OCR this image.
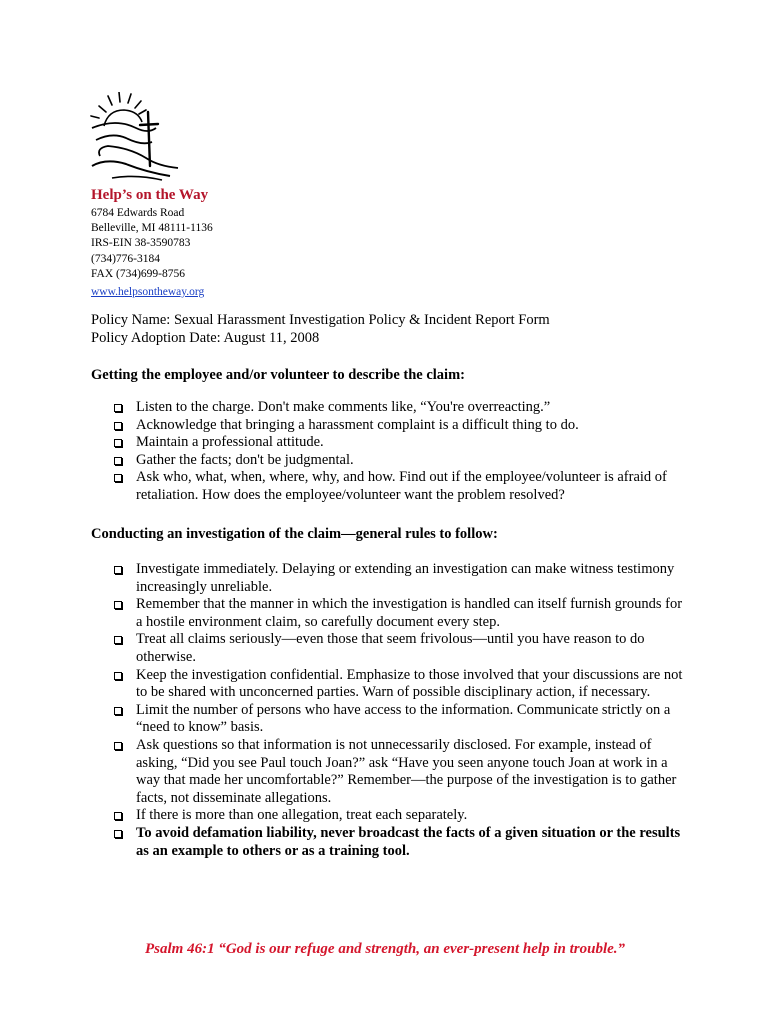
Help’s on the Way
6784 Edwards Road
Belleville, MI 48111-1136
IRS-EIN 38-3590783
(734)776-3184
FAX (734)699-8756
www.helpsontheway.org
Policy Name: Sexual Harassment Investigation Policy & Incident Report Form
Policy Adoption Date: August 11, 2008
Getting the employee and/or volunteer to describe the claim:
Listen to the charge. Don't make comments like, “You're overreacting.”
Acknowledge that bringing a harassment complaint is a difficult thing to do.
Maintain a professional attitude.
Gather the facts; don't be judgmental.
Ask who, what, when, where, why, and how. Find out if the employee/volunteer is afraid of retaliation. How does the employee/volunteer want the problem resolved?
Conducting an investigation of the claim—general rules to follow:
Investigate immediately. Delaying or extending an investigation can make witness testimony increasingly unreliable.
Remember that the manner in which the investigation is handled can itself furnish grounds for a hostile environment claim, so carefully document every step.
Treat all claims seriously—even those that seem frivolous—until you have reason to do otherwise.
Keep the investigation confidential. Emphasize to those involved that your discussions are not to be shared with unconcerned parties. Warn of possible disciplinary action, if necessary.
Limit the number of persons who have access to the information. Communicate strictly on a “need to know” basis.
Ask questions so that information is not unnecessarily disclosed. For example, instead of asking, “Did you see Paul touch Joan?” ask “Have you seen anyone touch Joan at work in a way that made her uncomfortable?” Remember—the purpose of the investigation is to gather facts, not disseminate allegations.
If there is more than one allegation, treat each separately.
To avoid defamation liability, never broadcast the facts of a given situation or the results as an example to others or as a training tool.
Psalm 46:1 “God is our refuge and strength, an ever-present help in trouble.”
